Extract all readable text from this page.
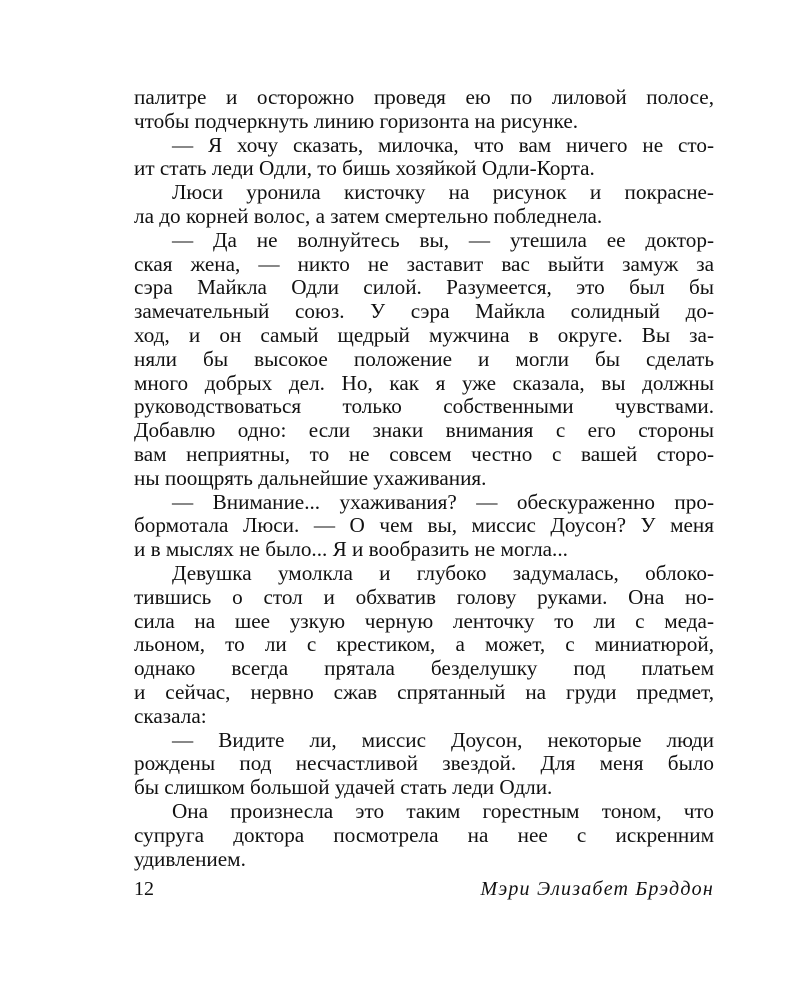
палитре и осторожно проведя ею по лиловой полосе,
чтобы подчеркнуть линию горизонта на рисунке.
— Я хочу сказать, милочка, что вам ничего не сто-
ит стать леди Одли, то бишь хозяйкой Одли-Корта.
Люси уронила кисточку на рисунок и покрасне-
ла до корней волос, а затем смертельно побледнела.
— Да не волнуйтесь вы, — утешила ее доктор-
ская жена, — никто не заставит вас выйти замуж за
сэра Майкла Одли силой. Разумеется, это был бы
замечательный союз. У сэра Майкла солидный до-
ход, и он самый щедрый мужчина в округе. Вы за-
няли бы высокое положение и могли бы сделать
много добрых дел. Но, как я уже сказала, вы должны
руководствоваться только собственными чувствами.
Добавлю одно: если знаки внимания с его стороны
вам неприятны, то не совсем честно с вашей сторо-
ны поощрять дальнейшие ухаживания.
— Внимание... ухаживания? — обескураженно про-
бормотала Люси. — О чем вы, миссис Доусон? У меня
и в мыслях не было... Я и вообразить не могла...
Девушка умолкла и глубоко задумалась, облоко-
тившись о стол и обхватив голову руками. Она но-
сила на шее узкую черную ленточку то ли с меда-
льоном, то ли с крестиком, а может, с миниатюрой,
однако всегда прятала безделушку под платьем
и сейчас, нервно сжав спрятанный на груди предмет,
сказала:
— Видите ли, миссис Доусон, некоторые люди
рождены под несчастливой звездой. Для меня было
бы слишком большой удачей стать леди Одли.
Она произнесла это таким горестным тоном, что
супруга доктора посмотрела на нее с искренним
удивлением.
12	Мэри Элизабет Брэддон
